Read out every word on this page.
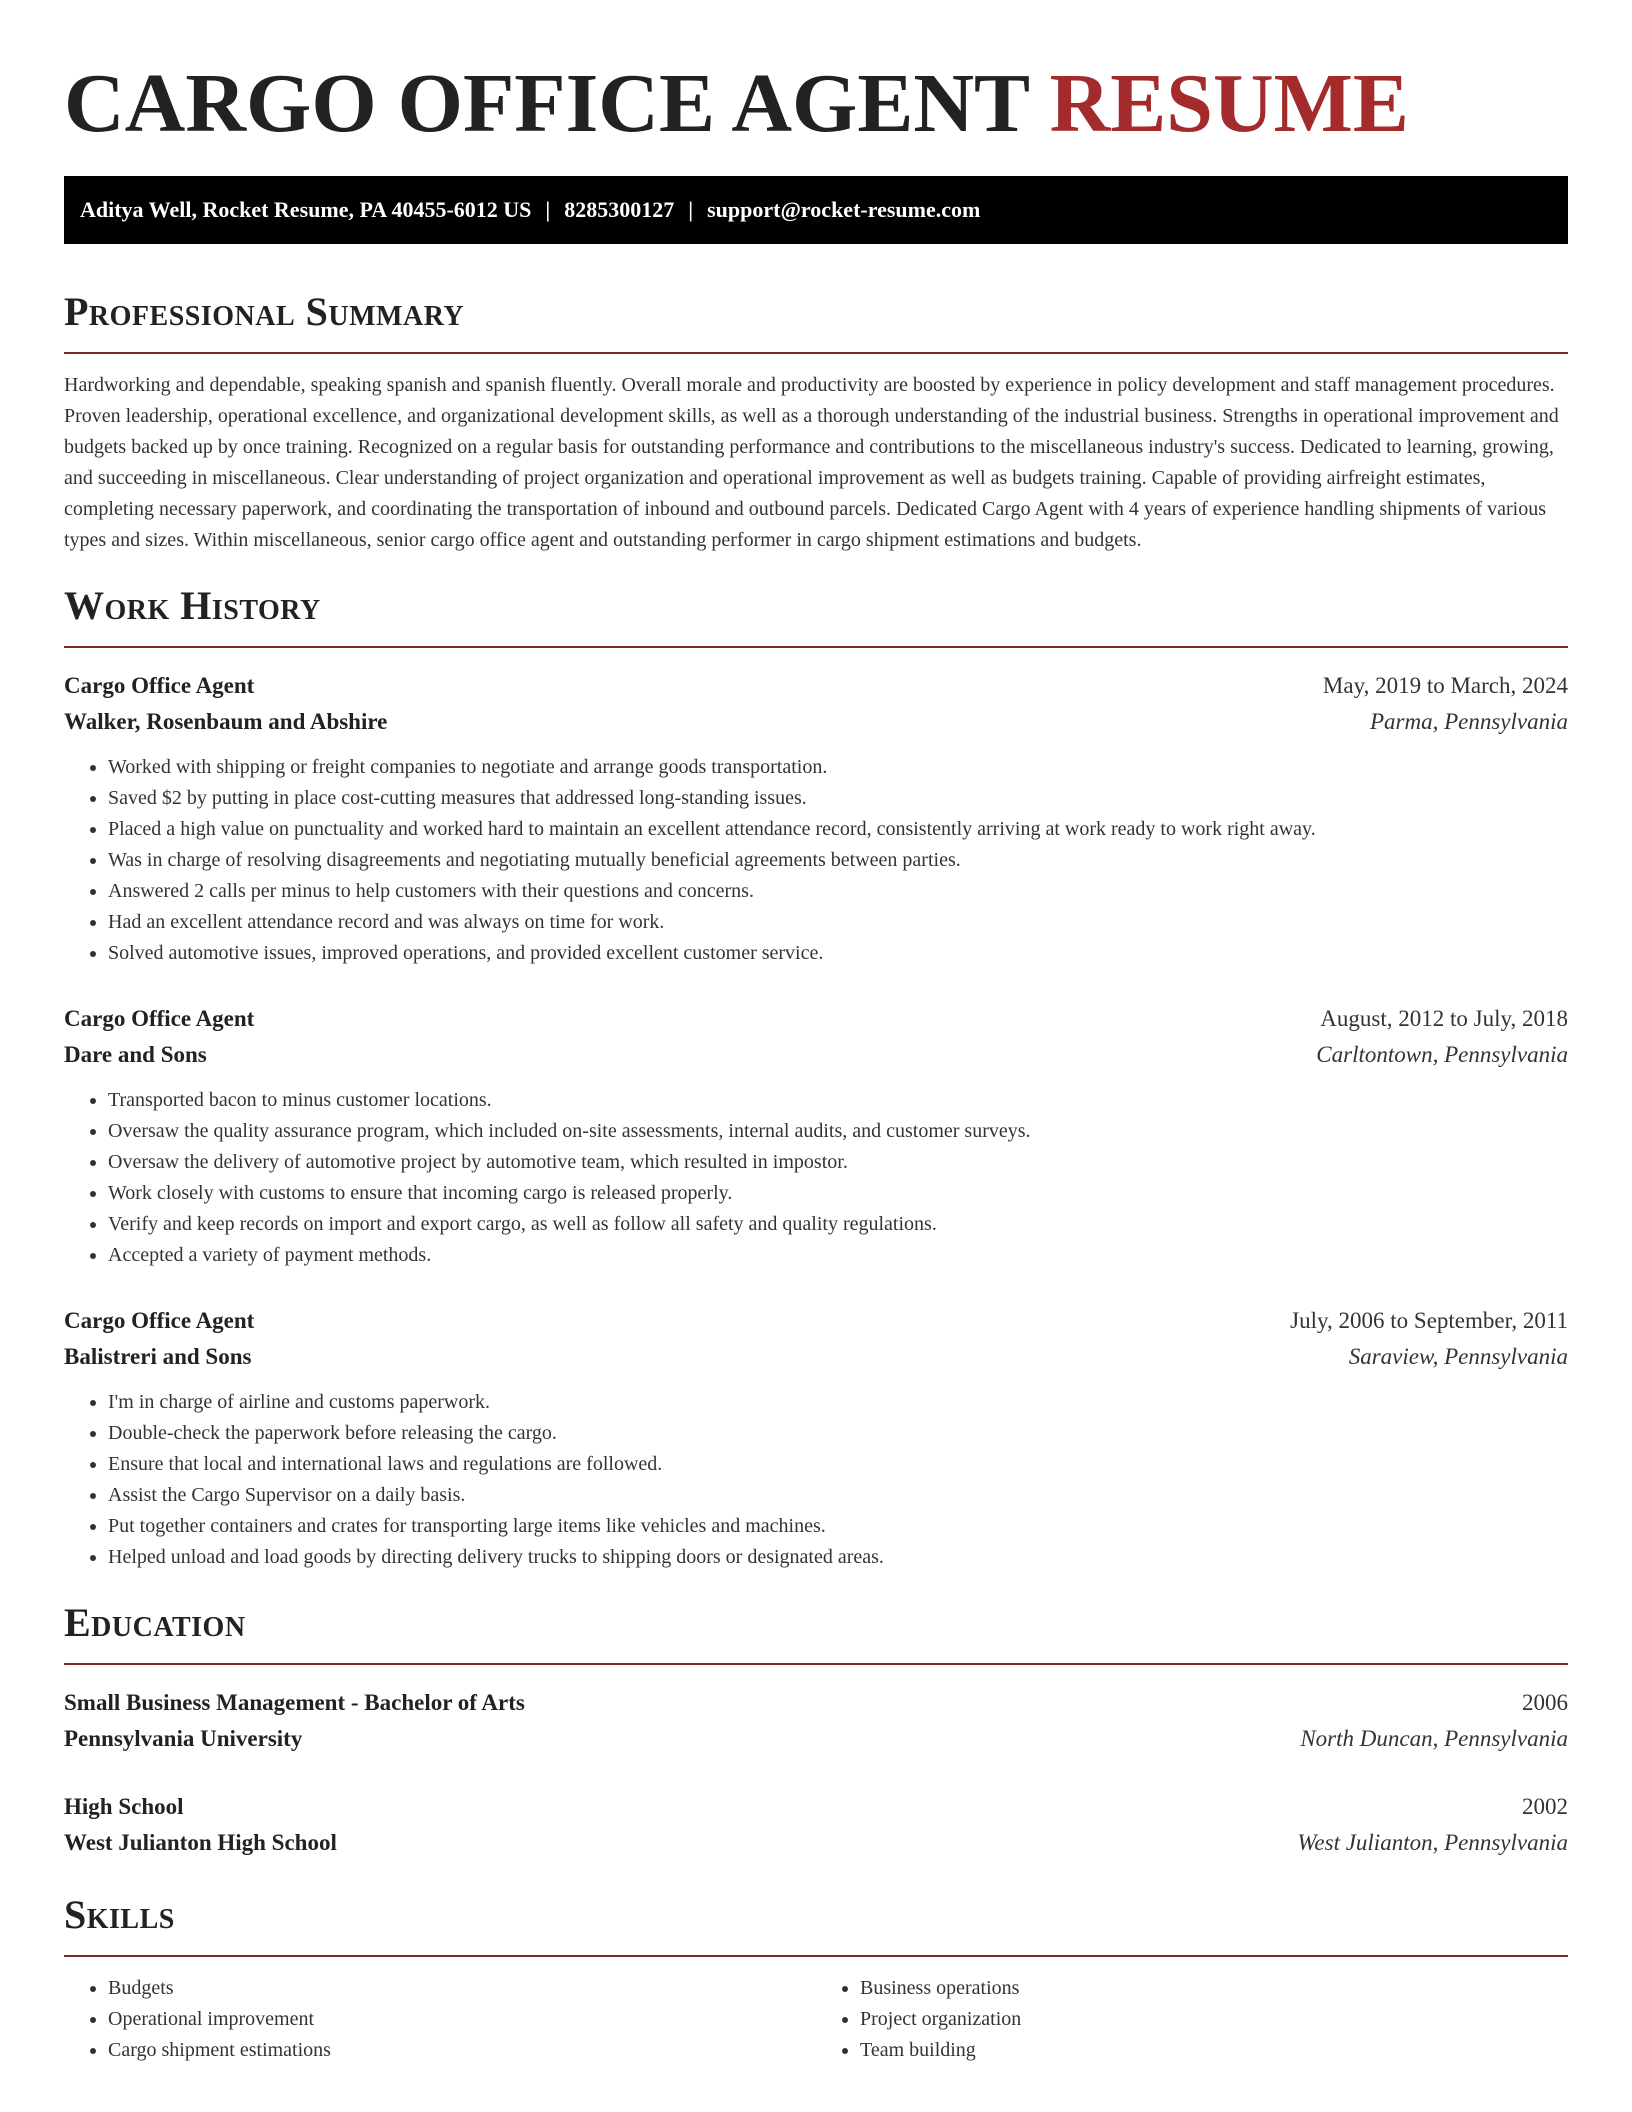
CARGO OFFICE AGENT RESUME
Aditya Well, Rocket Resume, PA 40455-6012 US | 8285300127 | support@rocket-resume.com
Professional Summary

Hardworking and dependable, speaking spanish and spanish fluently. Overall morale and productivity are boosted by experience in policy development and staff management procedures. Proven leadership, operational excellence, and organizational development skills, as well as a thorough understanding of the industrial business. Strengths in operational improvement and budgets backed up by once training. Recognized on a regular basis for outstanding performance and contributions to the miscellaneous industry's success. Dedicated to learning, growing, and succeeding in miscellaneous. Clear understanding of project organization and operational improvement as well as budgets training. Capable of providing airfreight estimates, completing necessary paperwork, and coordinating the transportation of inbound and outbound parcels. Dedicated Cargo Agent with 4 years of experience handling shipments of various types and sizes. Within miscellaneous, senior cargo office agent and outstanding performer in cargo shipment estimations and budgets.

Work History
Cargo Office Agent	May, 2019 to March, 2024
Walker, Rosenbaum and Abshire	Parma, Pennsylvania
• Worked with shipping or freight companies to negotiate and arrange goods transportation.
• Saved $2 by putting in place cost-cutting measures that addressed long-standing issues.
• Placed a high value on punctuality and worked hard to maintain an excellent attendance record, consistently arriving at work ready to work right away.
• Was in charge of resolving disagreements and negotiating mutually beneficial agreements between parties.
• Answered 2 calls per minus to help customers with their questions and concerns.
• Had an excellent attendance record and was always on time for work.
• Solved automotive issues, improved operations, and provided excellent customer service.
Cargo Office Agent	August, 2012 to July, 2018
Dare and Sons	Carltontown, Pennsylvania
• Transported bacon to minus customer locations.
• Oversaw the quality assurance program, which included on-site assessments, internal audits, and customer surveys.
• Oversaw the delivery of automotive project by automotive team, which resulted in impostor.
• Work closely with customs to ensure that incoming cargo is released properly.
• Verify and keep records on import and export cargo, as well as follow all safety and quality regulations.
• Accepted a variety of payment methods.
Cargo Office Agent	July, 2006 to September, 2011
Balistreri and Sons	Saraview, Pennsylvania
• I'm in charge of airline and customs paperwork.
• Double-check the paperwork before releasing the cargo.
• Ensure that local and international laws and regulations are followed.
• Assist the Cargo Supervisor on a daily basis.
• Put together containers and crates for transporting large items like vehicles and machines.
• Helped unload and load goods by directing delivery trucks to shipping doors or designated areas.
Education
Small Business Management - Bachelor of Arts	2006
Pennsylvania University	North Duncan, Pennsylvania
High School	2002
West Julianton High School	West Julianton, Pennsylvania
Skills
• Budgets
• Operational improvement
• Cargo shipment estimations
• Business operations
• Project organization
• Team building
